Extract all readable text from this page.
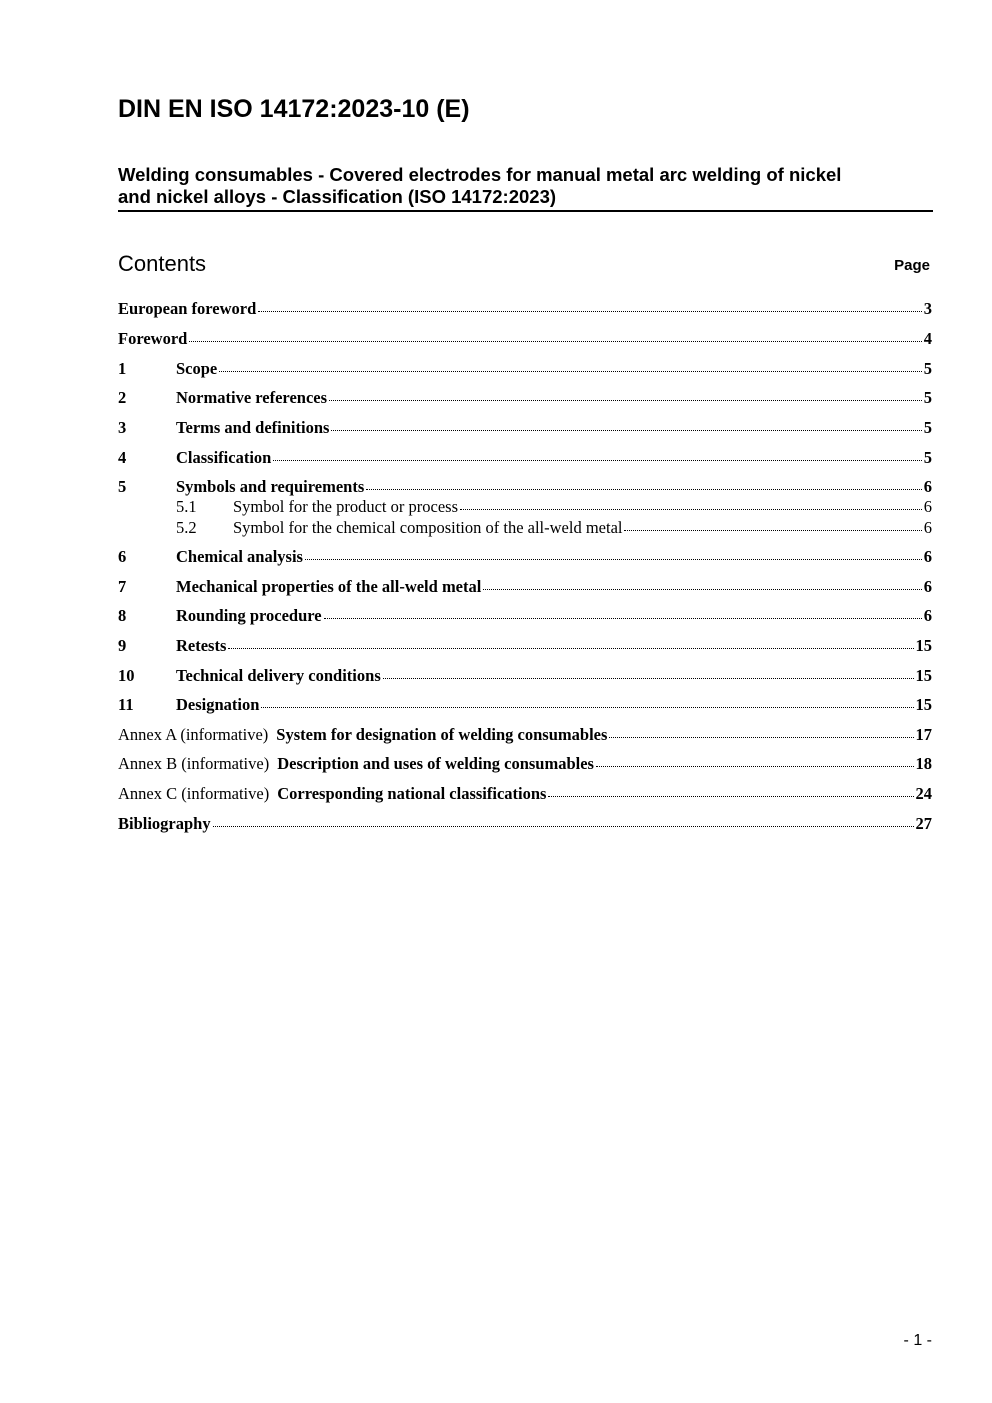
DIN EN ISO 14172:2023-10 (E)
Welding consumables - Covered electrodes for manual metal arc welding of nickel
and nickel alloys - Classification (ISO 14172:2023)
Contents	Page
European foreword	3
Foreword	4
1	Scope	5
2	Normative references	5
3	Terms and definitions	5
4	Classification	5
5	Symbols and requirements	6
5.1	Symbol for the product or process	6
5.2	Symbol for the chemical composition of the all-weld metal	6
6	Chemical analysis	6
7	Mechanical properties of the all-weld metal	6
8	Rounding procedure	6
9	Retests	15
10	Technical delivery conditions	15
11	Designation	15
Annex A (informative) System for designation of welding consumables	17
Annex B (informative) Description and uses of welding consumables	18
Annex C (informative) Corresponding national classifications	24
Bibliography	27
- 1 -
